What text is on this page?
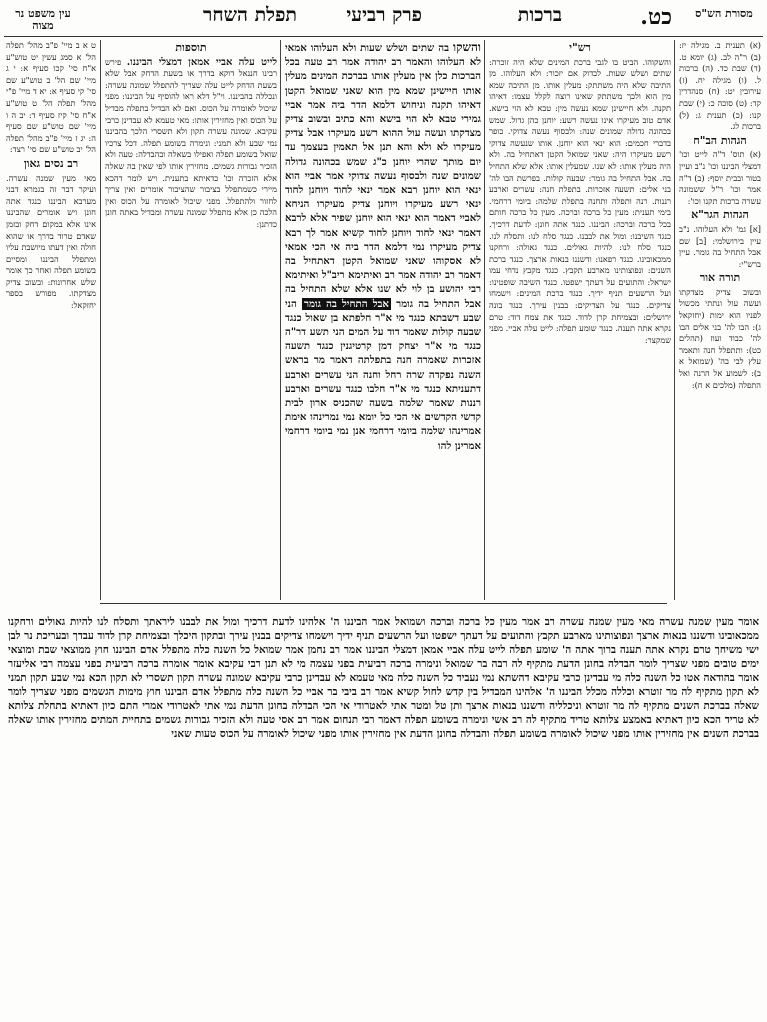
מסורת הש"ס
כט.
ברכות
פרק רביעי
תפלת השחר
עין משפט נר מצוה

(א) תענית ב. מגילה יז: (ב) ר"ה לב. (ג) יומא ט. (ד) שבת כד. (ה) ברכות ל. (ו) מגילה יח. (ז) עירובין יט: (ח) סנהדרין קד: (ט) סוכה כ: (י) שבת קנו: (כ) תענית ג: (ל) ברכות לג.

הגהות הב"ח

(א) תוס' ד"ה לייט וכו' דמצלי הביננו וכו' נ"ב ועיין בטור ובבית יוסף: (ב) ד"ה אמר וכו' ר"ל ששמונה עשרה ברכות תקנו וכו':

הגהות הגר"א

[א] גמ' ולא העלוהו. נ"ב עיין בירושלמי: [ב] שם אבל התחיל בה גומר. עיין ברש"י:

תורה אור

ובשוב צדיק מצדקתו ועשה עול ונתתי מכשול לפניו הוא ימות (יחזקאל ג): הבו לה' בני אלים הבו לה' כבוד ועוז (תהלים כט): ותתפלל חנה ותאמר עלץ לבי בה' (שמואל א ב): לשמוע אל הרנה ואל התפלה (מלכים א ח):

רש"י

והשקוהו. הביט בו לגבי ברכת המינים שלא היה זוכרה: שתים ושלש שעות. לבדוק אם יזכור: ולא העלוהו. מן התיבה שלא היה משתתק: מעלין אותו. מן התיבה שמא מין הוא ולכך משתתק שאינו רוצה לקלל עצמו: דאיהו תקנה. ולא חיישינן שמא נעשה מין: טבא לא הוי בישא. אדם טוב מעיקרו אינו נעשה רשע: יוחנן כהן גדול. שמש בכהונה גדולה שמונים שנה: ולבסוף נעשה צדוקי. כופר בדברי חכמים: הוא ינאי הוא יוחנן. אותו שנעשה צדוקי רשע מעיקרו היה: שאני שמואל הקטן דאתחיל בה. ולא היה מעלין אותו: לא שנו. שמעלין אותו: אלא שלא התחיל בה. אבל התחיל בה גומר: שבעה קולות. בפרשת הבו לה' בני אלים: תשעה אזכרות. בתפלת חנה: עשרים וארבע רננות. רנה ותפלה ותחנה בתפלת שלמה: ביומי דרחמי. בימי תענית: מעין כל ברכה וברכה. מעין כל ברכה חותם בכל ברכה וברכה: הביננו. כנגד אתה חונן: לדעת דרכיך. כנגד השיבנו: ומול את לבבנו. כנגד סלח לנו: ותסלח לנו. כנגד סלח לנו: להיות גאולים. כנגד גאולה: ורחקנו ממכאובינו. כנגד רפאנו: ודשננו בנאות ארצך. כנגד ברכת השנים: ונפוצותינו מארבע תקבץ. כנגד מקבץ נדחי עמו ישראל: והתועים על דעתך ישפטו. כנגד השיבה שופטינו: ועל הרשעים תניף ידיך. כנגד ברכת המינים: וישמחו צדיקים. כנגד על הצדיקים: בבנין עירך. כנגד בונה ירושלים: ובצמיחת קרן לדוד. כנגד את צמח דוד: טרם נקרא אתה תענה. כנגד שומע תפלה: לייט עלה אביי. מפני שמקצר:

והשקו בה שתים ושלש שעות ולא העלוהו אמאי לא העלוהו והאמר רב יהודה אמר רב טעה בכל הברכות כלן אין מעלין אותו בברכת המינים מעלין אותו חיישינן שמא מין הוא שאני שמואל הקטן דאיהו תקנה וניחוש דלמא הדר ביה אמר אביי גמירי טבא לא הוי בישא והא כתיב ובשוב צדיק מצדקתו ועשה עול ההוא רשע מעיקרו אבל צדיק מעיקרו לא ולא והא תנן אל תאמין בעצמך עד יום מותך שהרי יוחנן כ"ג שמש בכהונה גדולה שמונים שנה ולבסוף נעשה צדוקי אמר אביי הוא ינאי הוא יוחנן רבא אמר ינאי לחוד ויוחנן לחוד ינאי רשע מעיקרו ויוחנן צדיק מעיקרו הניחא לאביי דאמר הוא ינאי הוא יוחנן שפיר אלא לרבא דאמר ינאי לחוד ויוחנן לחוד קשיא אמר לך רבא צדיק מעיקרו נמי דלמא הדר ביה אי הכי אמאי לא אסקוהו שאני שמואל הקטן דאתחיל בה דאמר רב יהודה אמר רב ואיתימא ריב"ל ואיתימא רבי יהושע בן לוי לא שנו אלא שלא התחיל בה אבל התחיל בה גומר אבל התחיל בה גומר הני שבע דשבתא כנגד מי א"ר חלפתא בן שאול כנגד שבעה קולות שאמר דוד על המים הני תשע דר"ה כנגד מי א"ר יצחק דמן קרטיגנין כנגד תשעה אזכרות שאמרה חנה בתפלתה דאמר מר בראש השנה נפקדה שרה רחל וחנה הני עשרים וארבע דתעניתא כנגד מי א"ר חלבו כנגד עשרים וארבע רננות שאמר שלמה בשעה שהכניס ארון לבית קדשי הקדשים אי הכי כל יומא נמי נמרינהו אימת אמרינהו שלמה ביומי דרחמי אנן נמי ביומי דרחמי אמרינן להו

תוספות

לייט עלה אביי אמאן דמצלי הביננו. פירש רבינו חננאל דוקא בדרך או בשעת הדחק אבל שלא בשעת הדחק לייט עלה שצריך להתפלל שמונה עשרה: ונכללה בהביננו. וי"ל דלא ראו להוסיף על הביננו: מפני שיכול לאומרה על הכוס. ואם לא הבדיל בתפלה מבדיל על הכוס ואין מחזירין אותו: מאי טעמא לא עבדינן כרבי עקיבא. שמונה עשרה תקון ולא תשסרי הלכך בהביננו נמי שבע ולא תמני: ונימרה בשומע תפלה. דכל צרכיו שואל בשומע תפלה ואפילו בשאלה ובהבדלה: טעה ולא הזכיר גבורות גשמים. מחזירין אותו לפי שאין בה שאלה אלא הזכרה וכו' כדאיתא בתענית. ויש לומר דהכא מיירי כשמתפלל בציבור שהציבור אומרים ואין צריך לחזור ולהתפלל. מפני שיכול לאומרה על הכוס ואין הלכה כן אלא מתפלל שמונה עשרה ומבדיל באתה חונן כדתנן:

ט א ב מיי' פ"ב מהל' תפלה הל' א סמג עשין יט טוש"ע א"ח סי' קכו סעיף א: י ג מיי' שם הל' ב טוש"ע שם סי' קי סעיף א: יא ד מיי' פ"י מהל' תפלה הל' ט טוש"ע א"ח סי' קיז סעיף ד: יב ה ו מיי' שם טוש"ע שם סעיף ה: יג ז מיי' פ"ב מהל' תפלה הל' יב טוש"ע שם סי' רצד:

רב נסים גאון

מאי מעין שמנה עשרה. ועיקר דבר זה בגמרא דבני מערבא הביננו כנגד אתה חונן ויש אומרים שהביננו אינו אלא במקום דחק ובזמן שאדם טרוד בדרך או שהוא חולה ואין דעתו מיושבת עליו ומתפלל הביננו ומסיים בשומע תפלה ואחר כך אומר שלש אחרונות: ובשוב צדיק מצדקתו. מפורש בספר יחזקאל:

אומר מעין שמנה עשרה מאי מעין שמנה עשרה רב אמר מעין כל ברכה וברכה ושמואל אמר הביננו ה' אלהינו לדעת דרכיך ומול את לבבנו ליראתך ותסלח לנו להיות גאולים ורחקנו ממכאובינו ודשננו בנאות ארצך ונפוצותינו מארבע תקבץ והתועים על דעתך ישפטו ועל הרשעים תניף ידיך וישמחו צדיקים בבנין עירך ובתקון היכלך ובצמיחת קרן לדוד עבדך ובעריכת נר לבן ישי משיחך טרם נקרא אתה תענה ברוך אתה ה' שומע תפלה לייט עלה אביי אמאן דמצלי הביננו אמר רב נחמן אמר שמואל כל השנה כלה מתפלל אדם הביננו חוץ ממוצאי שבת ומוצאי ימים טובים מפני שצריך לומר הבדלה בחונן הדעת מתקיף לה רבה בר שמואל ונימרה ברכה רביעית בפני עצמה מי לא תנן רבי עקיבא אומר אומרה ברכה רביעית בפני עצמה רבי אליעזר אומר בהודאה אטו כל השנה כלה מי עבדינן כרבי עקיבא דהשתא נמי נעביד כל השנה כלה מאי טעמא לא עבדינן כרבי עקיבא שמונה עשרה תקון תשסרי לא תקון הכא נמי שבע תקון תמני לא תקון מתקיף לה מר זוטרא וכללה מכלל הביננו ה' אלהינו המבדיל בין קדש לחול קשיא אמר רב ביבי בר אביי כל השנה כלה מתפלל אדם הביננו חוץ מימות הגשמים מפני שצריך לומר שאלה בברכת השנים מתקיף לה מר זוטרא וניכלליה ודשננו בנאות ארצך ותן טל ומטר אתי לאטרודי אי הכי הבדלה בחונן הדעת נמי אתי לאטרודי אמרי התם כיון דאתיא בתחלת צלותא לא טריד הכא כיון דאתיא באמצע צלותא טריד מתקיף לה רב אשי ונימרה בשומע תפלה דאמר רבי תנחום אמר רב אסי טעה ולא הזכיר גבורות גשמים בתחיית המתים מחזירין אותו שאלה בברכת השנים אין מחזירין אותו מפני שיכול לאומרה בשומע תפלה והבדלה בחונן הדעת אין מחזירין אותו מפני שיכול לאומרה על הכוס טעות שאני
